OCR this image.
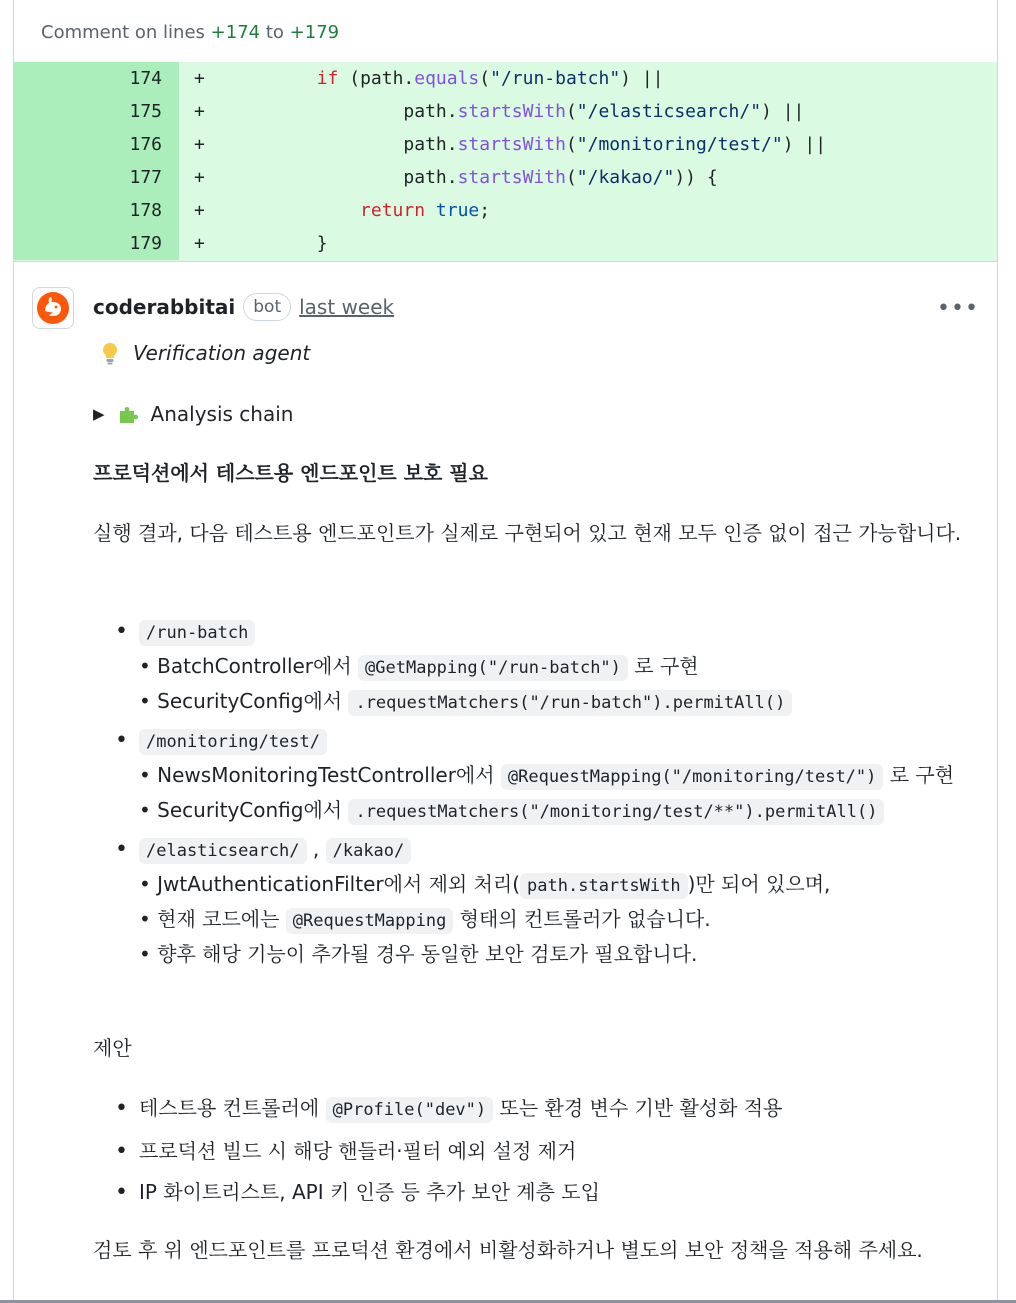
Comment on lines +174 to +179
174 +	if (path.equals("/run-batch") ||
175 + path.startsWith("/elasticsearch/") ||
176 + path.startsWith("/monitoring/test/") ||
177 + path.startsWith("/kakao/")) {
178 +	return true;
179 + }
coderabbitai	bot last week	•••
Verification agent
▶ Analysis chain
프로덕션에서 테스트용 엔드포인트 보호 필요
실행 결과, 다음 테스트용 엔드포인트가 실제로 구현되어 있고 현재 모두 인증 없이 접근 가능합니다.
• /run-batch
• BatchController에서 @GetMapping("/run-batch") 로 구현
• SecurityConfig에서 .requestMatchers("/run-batch").permitAll()
• /monitoring/test/
• NewsMonitoringTestController에서 @RequestMapping("/monitoring/test/") 로 구현
• SecurityConfig에서 .requestMatchers("/monitoring/test/**").permitAll()
• /elasticsearch/ , /kakao/
• JwtAuthenticationFilter에서 제외 처리( path.startsWith )만 되어 있으며,
• 현재 코드에는 @RequestMapping 형태의 컨트롤러가 없습니다.
• 향후 해당 기능이 추가될 경우 동일한 보안 검토가 필요합니다.
제안
• 테스트용 컨트롤러에 @Profile("dev") 또는 환경 변수 기반 활성화 적용
• 프로덕션 빌드 시 해당 핸들러·필터 예외 설정 제거
• IP 화이트리스트, API 키 인증 등 추가 보안 계층 도입
검토 후 위 엔드포인트를 프로덕션 환경에서 비활성화하거나 별도의 보안 정책을 적용해 주세요.
